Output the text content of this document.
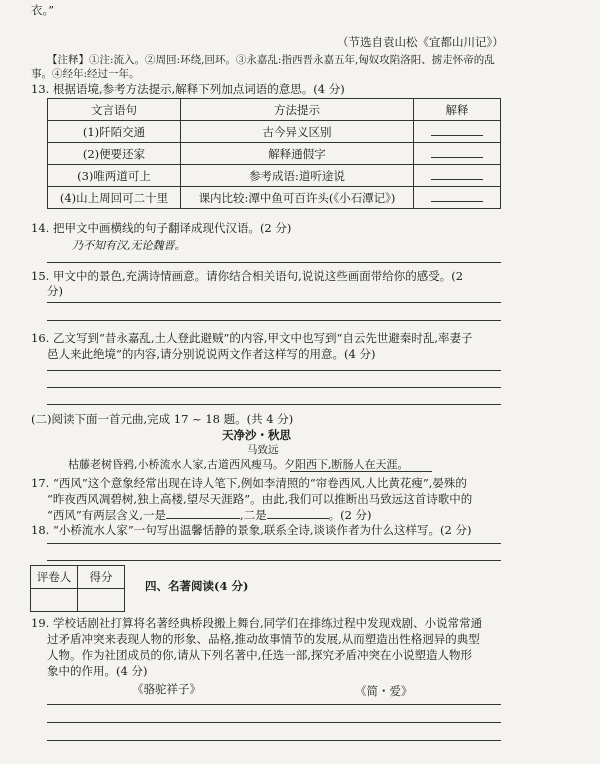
衣。”
（节选自袁山松《宜都山川记》）
【注释】①注:流入。②周回:环绕,回环。③永嘉乱:指西晋永嘉五年,匈奴攻陷洛阳、掳走怀帝的乱
事。④经年:经过一年。
13. 根据语境,参考方法提示,解释下列加点词语的意思。(4 分)
文言语句	方法提示	解释
(1)阡陌交通	古今异义区别	
(2)便要还家	解释通假字	
(3)唯两道可上	参考成语:道听途说	
(4)山上周回可二十里	课内比较:潭中鱼可百许头(《小石潭记》)	
14. 把甲文中画横线的句子翻译成现代汉语。(2 分)
乃不知有汉,无论魏晋。
15. 甲文中的景色,充满诗情画意。请你结合相关语句,说说这些画面带给你的感受。(2
分)
16. 乙文写到“昔永嘉乱,土人登此避贼”的内容,甲文中也写到“自云先世避秦时乱,率妻子
邑人来此绝境”的内容,请分别说说两文作者这样写的用意。(4 分)
(二)阅读下面一首元曲,完成 17 ~ 18 题。(共 4 分)
天净沙・秋思
马致远
枯藤老树昏鸦,小桥流水人家,古道西风瘦马。夕阳西下,断肠人在天涯。
17. “西风”这个意象经常出现在诗人笔下,例如李清照的“帘卷西风,人比黄花瘦”,晏殊的
“昨夜西风凋碧树,独上高楼,望尽天涯路”。由此,我们可以推断出马致远这首诗歌中的
“西风”有两层含义,一是	,二是	。(2 分)
18. “小桥流水人家”一句写出温馨恬静的景象,联系全诗,谈谈作者为什么这样写。(2 分)
评卷人	得分

四、名著阅读(4 分)
19. 学校话剧社打算将名著经典桥段搬上舞台,同学们在排练过程中发现戏剧、小说常常通
过矛盾冲突来表现人物的形象、品格,推动故事情节的发展,从而塑造出性格迥异的典型
人物。作为社团成员的你,请从下列名著中,任选一部,探究矛盾冲突在小说塑造人物形
象中的作用。(4 分)
《骆驼祥子》	《简・爱》
